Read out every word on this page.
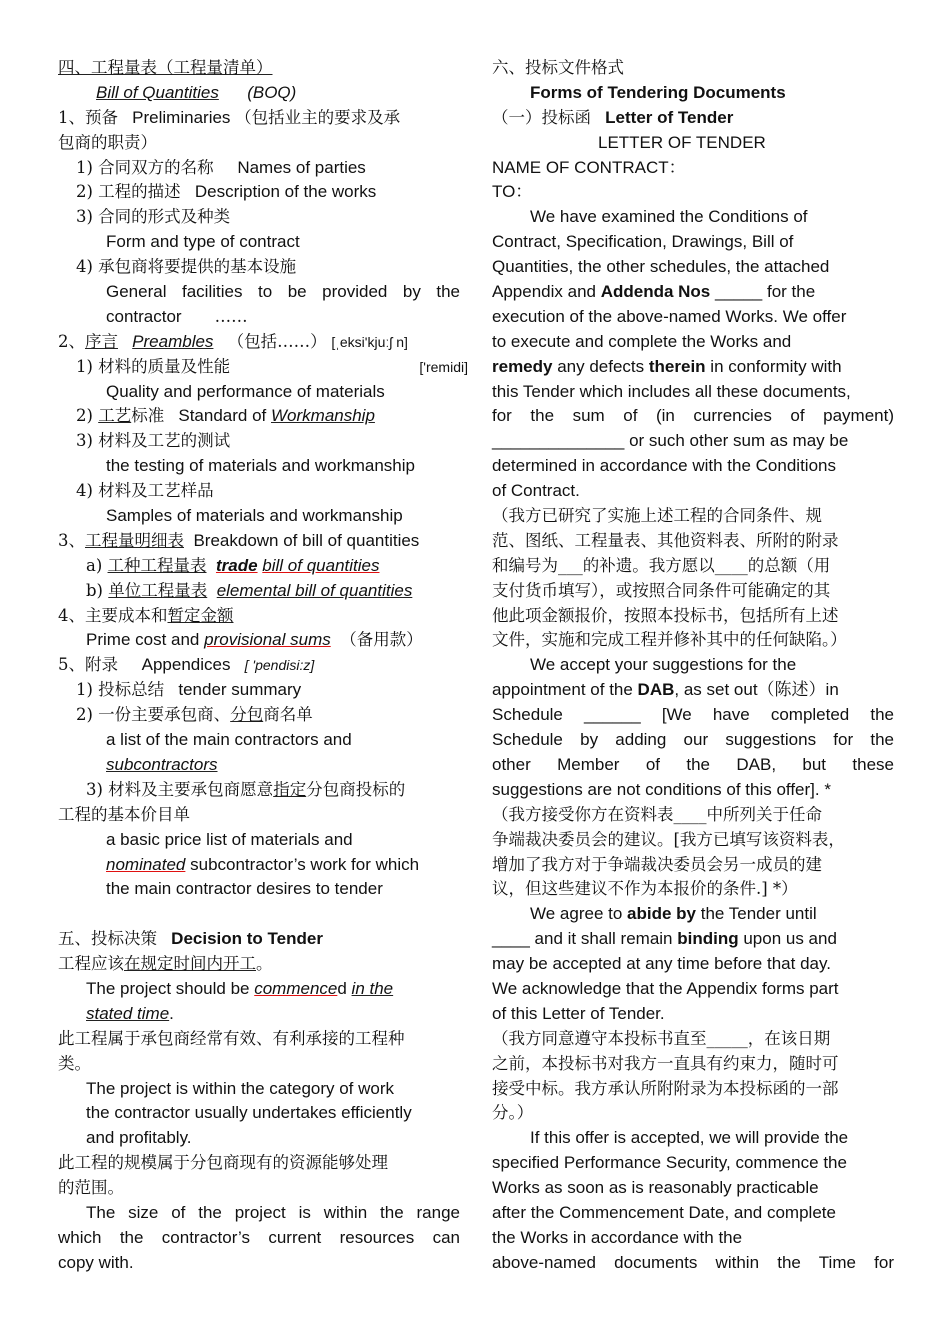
四、工程量表（工程量清单）
Bill of Quantities (BOQ)
1、预备 Preliminaries （包括业主的要求及承
包商的职责）
1) 合同双方的名称 Names of parties
2) 工程的描述 Description of the works
3) 合同的形式及种类
Form and type of contract
4) 承包商将要提供的基本设施
General facilities to be provided by the
contractor ……
2、序言 Preambles （包括……） [ˌeksi'kjuːʃ n]
1) 材料的质量及性能	['remidi]
Quality and performance of materials
2) 工艺标准 Standard of Workmanship
3) 材料及工艺的测试
the testing of materials and workmanship
4) 材料及工艺样品
Samples of materials and workmanship
3、工程量明细表 Breakdown of bill of quantities
a) 工种工程量表 trade bill of quantities
b) 单位工程量表 elemental bill of quantities
4、主要成本和暂定金额
Prime cost and provisional sums （备用款）
5、附录 Appendices [ 'pendisi:z]
1) 投标总结 tender summary
2) 一份主要承包商、分包商名单
a list of the main contractors and
subcontractors
3) 材料及主要承包商愿意指定分包商投标的
工程的基本价目单
a basic price list of materials and
nominated subcontractor’s work for which
the main contractor desires to tender
五、投标决策 Decision to Tender
工程应该在规定时间内开工。
The project should be commenced in the
stated time.
此工程属于承包商经常有效、有利承接的工程种
类。
The project is within the category of work
the contractor usually undertakes efficiently
and profitably.
此工程的规模属于分包商现有的资源能够处理
的范围。
The size of the project is within the range
which the contractor’s current resources can
copy with.
六、投标文件格式
Forms of Tendering Documents
（一）投标函 Letter of Tender
LETTER OF TENDER
NAME OF CONTRACT：
TO：
We have examined the Conditions of
Contract, Specification, Drawings, Bill of
Quantities, the other schedules, the attached
Appendix and Addenda Nos _____ for the
execution of the above-named Works. We offer
to execute and complete the Works and
remedy any defects therein in conformity with
this Tender which includes all these documents,
for the sum of (in currencies of payment)
______________ or such other sum as may be
determined in accordance with the Conditions
of Contract.
（我方已研究了实施上述工程的合同条件、规
范、图纸、工程量表、其他资料表、所附的附录
和编号为___的补遗。我方愿以____的总额（用
支付货币填写），或按照合同条件可能确定的其
他此项金额报价，按照本投标书，包括所有上述
文件，实施和完成工程并修补其中的任何缺陷。）
We accept your suggestions for the
appointment of the DAB, as set out（陈述）in
Schedule ______ [We have completed the
Schedule by adding our suggestions for the
other Member of the DAB, but these
suggestions are not conditions of this offer]. *
（我方接受你方在资料表____中所列关于任命
争端裁决委员会的建议。[我方已填写该资料表，
增加了我方对于争端裁决委员会另一成员的建
议，但这些建议不作为本报价的条件.] *）
We agree to abide by the Tender until
____ and it shall remain binding upon us and
may be accepted at any time before that day.
We acknowledge that the Appendix forms part
of this Letter of Tender.
（我方同意遵守本投标书直至_____，在该日期
之前，本投标书对我方一直具有约束力，随时可
接受中标。我方承认所附附录为本投标函的一部
分。）
If this offer is accepted, we will provide the
specified Performance Security, commence the
Works as soon as is reasonably practicable
after the Commencement Date, and complete
the Works in accordance with the
above-named documents within the Time for
